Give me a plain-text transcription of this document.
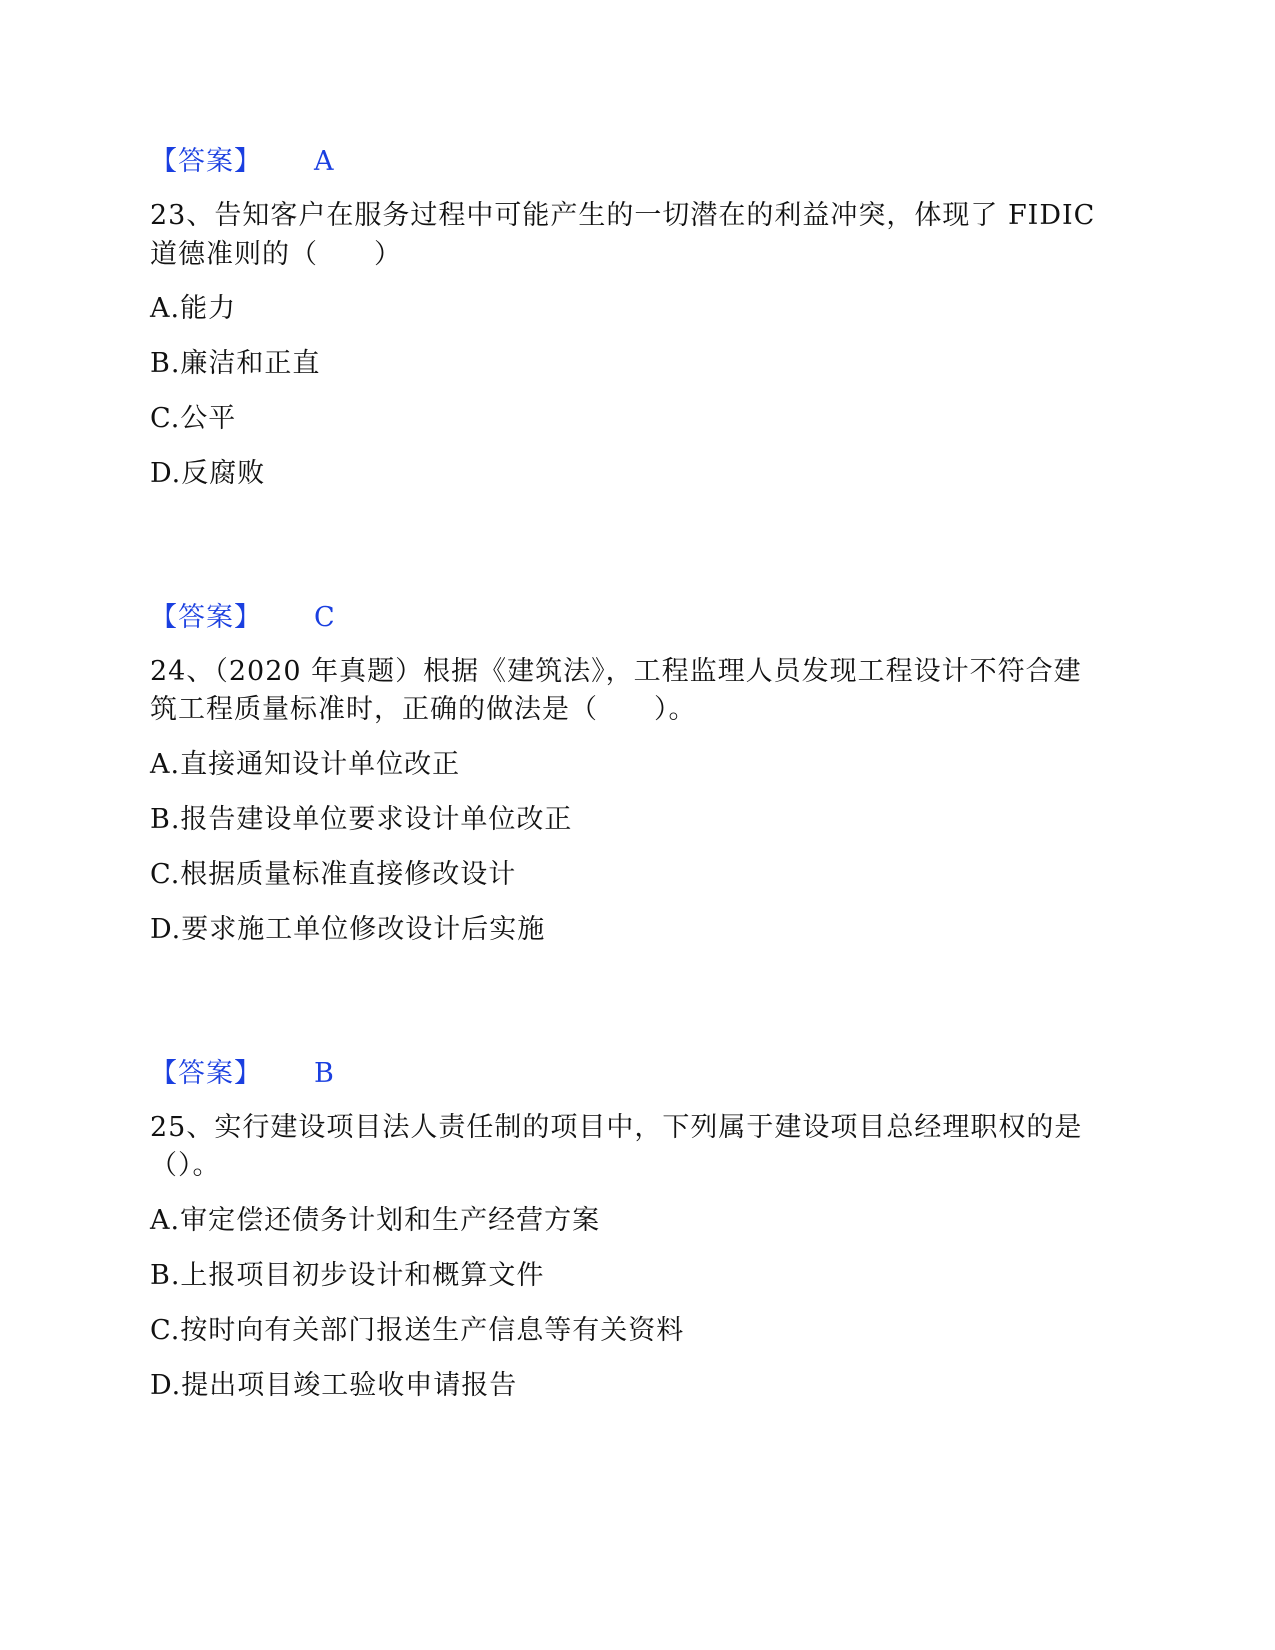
【答案】 A
23、告知客户在服务过程中可能产生的一切潜在的利益冲突，体现了 FIDIC
道德准则的（　　）
A.能力
B.廉洁和正直
C.公平
D.反腐败
【答案】 C
24、（2020 年真题）根据《建筑法》，工程监理人员发现工程设计不符合建
筑工程质量标准时，正确的做法是（　　）。
A.直接通知设计单位改正
B.报告建设单位要求设计单位改正
C.根据质量标准直接修改设计
D.要求施工单位修改设计后实施
【答案】 B
25、实行建设项目法人责任制的项目中，下列属于建设项目总经理职权的是
（）。
A.审定偿还债务计划和生产经营方案
B.上报项目初步设计和概算文件
C.按时向有关部门报送生产信息等有关资料
D.提出项目竣工验收申请报告
